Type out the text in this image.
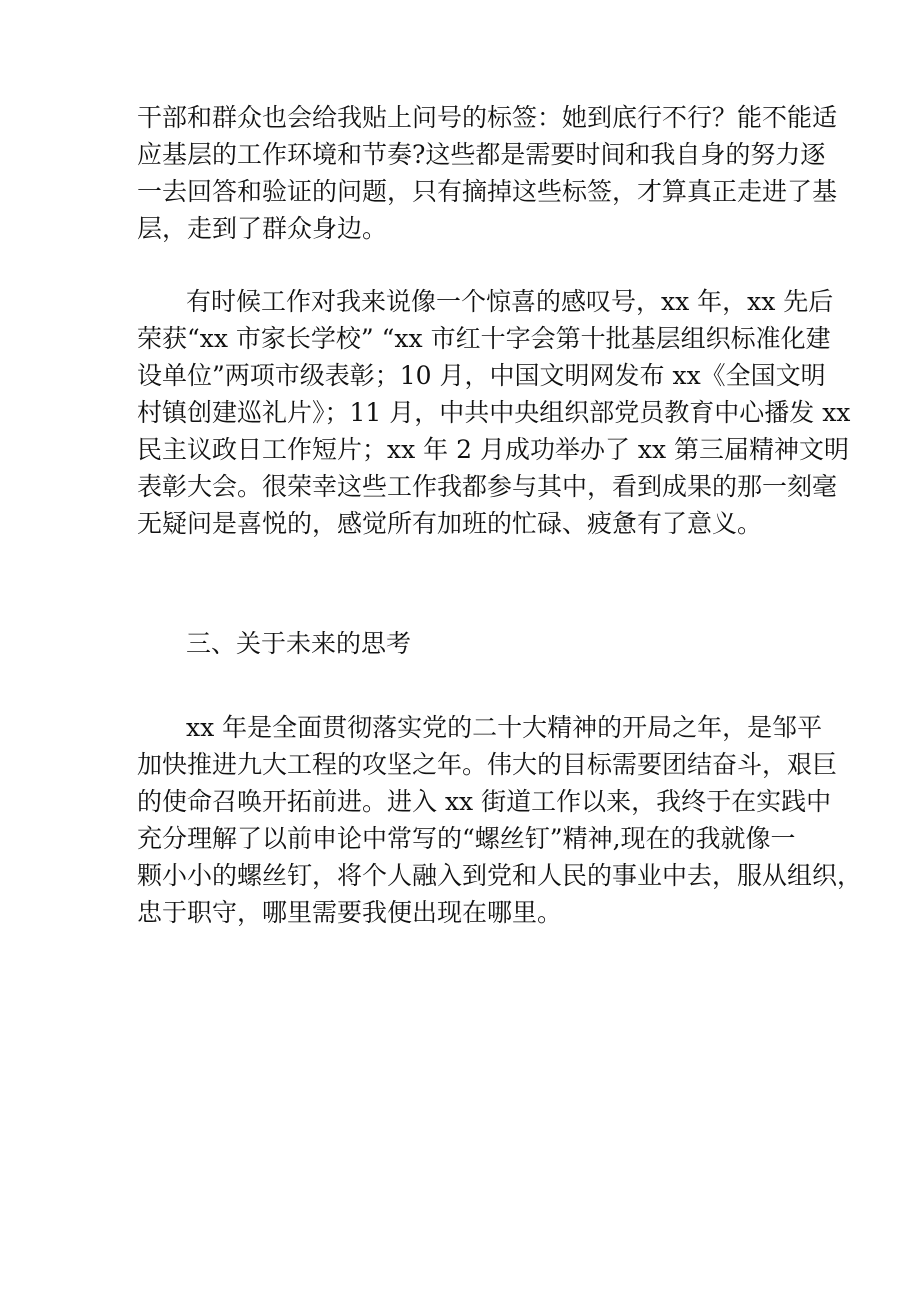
干部和群众也会给我贴上问号的标签：她到底行不行？能不能适
应基层的工作环境和节奏?这些都是需要时间和我自身的努力逐
一去回答和验证的问题，只有摘掉这些标签，才算真正走进了基
层，走到了群众身边。
有时候工作对我来说像一个惊喜的感叹号，xx 年，xx 先后
荣获“xx 市家长学校” “xx 市红十字会第十批基层组织标准化建
设单位”两项市级表彰；10 月，中国文明网发布 xx《全国文明
村镇创建巡礼片》；11 月，中共中央组织部党员教育中心播发 xx
民主议政日工作短片；xx 年 2 月成功举办了 xx 第三届精神文明
表彰大会。很荣幸这些工作我都参与其中，看到成果的那一刻毫
无疑问是喜悦的，感觉所有加班的忙碌、疲惫有了意义。
三、关于未来的思考
xx 年是全面贯彻落实党的二十大精神的开局之年，是邹平
加快推进九大工程的攻坚之年。伟大的目标需要团结奋斗，艰巨
的使命召唤开拓前进。进入 xx 街道工作以来，我终于在实践中
充分理解了以前申论中常写的“螺丝钉”精神,现在的我就像一
颗小小的螺丝钉，将个人融入到党和人民的事业中去，服从组织，
忠于职守，哪里需要我便出现在哪里。
